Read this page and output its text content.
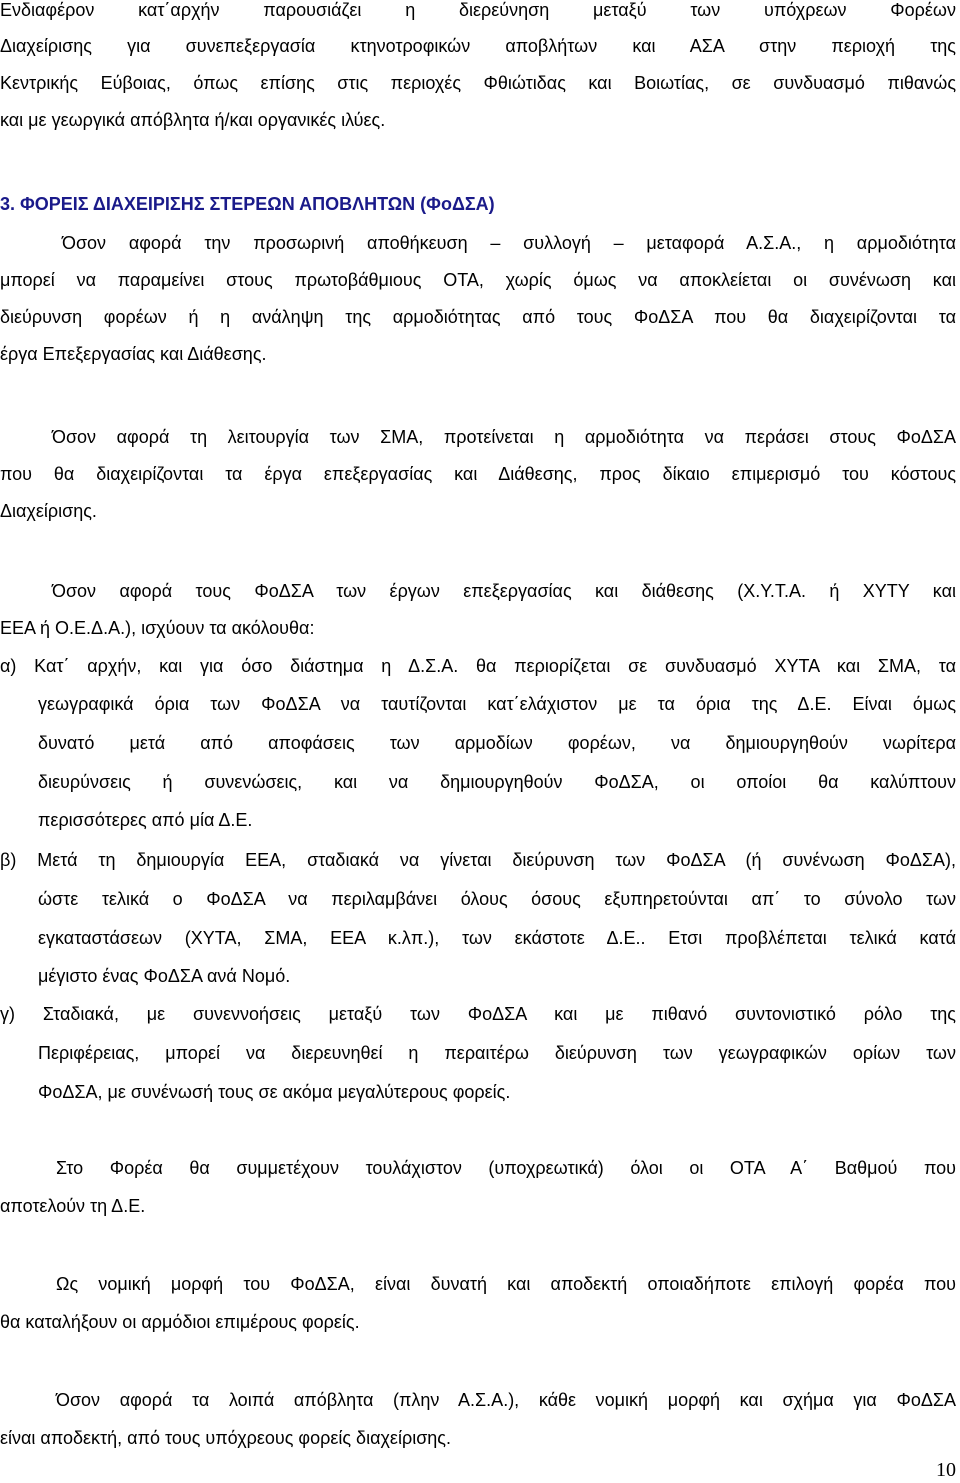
Ενδιαφέρον κατ΄αρχήν παρουσιάζει η διερεύνηση μεταξύ των υπόχρεων Φορέων
Διαχείρισης για συνεπεξεργασία κτηνοτροφικών αποβλήτων και ΑΣΑ στην περιοχή της
Κεντρικής Εύβοιας, όπως επίσης στις περιοχές Φθιώτιδας και Βοιωτίας, σε συνδυασμό πιθανώς
και με γεωργικά απόβλητα ή/και οργανικές ιλύες.
3. ΦΟΡΕΙΣ ΔΙΑΧΕΙΡΙΣΗΣ ΣΤΕΡΕΩΝ ΑΠΟΒΛΗΤΩΝ (ΦοΔΣΑ)
Όσον αφορά την προσωρινή αποθήκευση – συλλογή – μεταφορά Α.Σ.Α., η αρμοδιότητα
μπορεί να παραμείνει στους πρωτοβάθμιους ΟΤΑ, χωρίς όμως να αποκλείεται οι συνένωση και
διεύρυνση φορέων ή η ανάληψη της αρμοδιότητας από τους ΦοΔΣΑ που θα διαχειρίζονται τα
έργα Επεξεργασίας και Διάθεσης.
Όσον αφορά τη λειτουργία των ΣΜΑ, προτείνεται η αρμοδιότητα να περάσει στους ΦοΔΣΑ
που θα διαχειρίζονται τα έργα επεξεργασίας και Διάθεσης, προς δίκαιο επιμερισμό του κόστους
Διαχείρισης.
Όσον αφορά τους ΦοΔΣΑ των έργων επεξεργασίας και διάθεσης (Χ.Υ.Τ.Α. ή ΧΥΤΥ και
ΕΕΑ ή Ο.Ε.Δ.Α.), ισχύουν τα ακόλουθα:
α) Κατ΄ αρχήν, και για όσο διάστημα η Δ.Σ.Α. θα περιορίζεται σε συνδυασμό ΧΥΤΑ και ΣΜΑ, τα
γεωγραφικά όρια των ΦοΔΣΑ να ταυτίζονται κατ΄ελάχιστον με τα όρια της Δ.Ε. Είναι όμως
δυνατό μετά από αποφάσεις των αρμοδίων φορέων, να δημιουργηθούν νωρίτερα
διευρύνσεις ή συνενώσεις, και να δημιουργηθούν ΦοΔΣΑ, οι οποίοι θα καλύπτουν
περισσότερες από μία Δ.Ε.
β) Μετά τη δημιουργία ΕΕΑ, σταδιακά να γίνεται διεύρυνση των ΦοΔΣΑ (ή συνένωση ΦοΔΣΑ),
ώστε τελικά ο ΦοΔΣΑ να περιλαμβάνει όλους όσους εξυπηρετούνται απ΄ το σύνολο των
εγκαταστάσεων (ΧΥΤΑ, ΣΜΑ, ΕΕΑ κ.λπ.), των εκάστοτε Δ.Ε.. Ετσι προβλέπεται τελικά κατά
μέγιστο ένας ΦοΔΣΑ ανά Νομό.
γ) Σταδιακά, με συνεννοήσεις μεταξύ των ΦοΔΣΑ και με πιθανό συντονιστικό ρόλο της
Περιφέρειας, μπορεί να διερευνηθεί η περαιτέρω διεύρυνση των γεωγραφικών ορίων των
ΦοΔΣΑ, με συνένωσή τους σε ακόμα μεγαλύτερους φορείς.
Στο Φορέα θα συμμετέχουν τουλάχιστον (υποχρεωτικά) όλοι οι ΟΤΑ Α΄ Βαθμού που
αποτελούν τη Δ.Ε.
Ως νομική μορφή του ΦοΔΣΑ, είναι δυνατή και αποδεκτή οποιαδήποτε επιλογή φορέα που
θα καταλήξουν οι αρμόδιοι επιμέρους φορείς.
Όσον αφορά τα λοιπά απόβλητα (πλην Α.Σ.Α.), κάθε νομική μορφή και σχήμα για ΦοΔΣΑ
είναι αποδεκτή, από τους υπόχρεους φορείς διαχείρισης.
10
